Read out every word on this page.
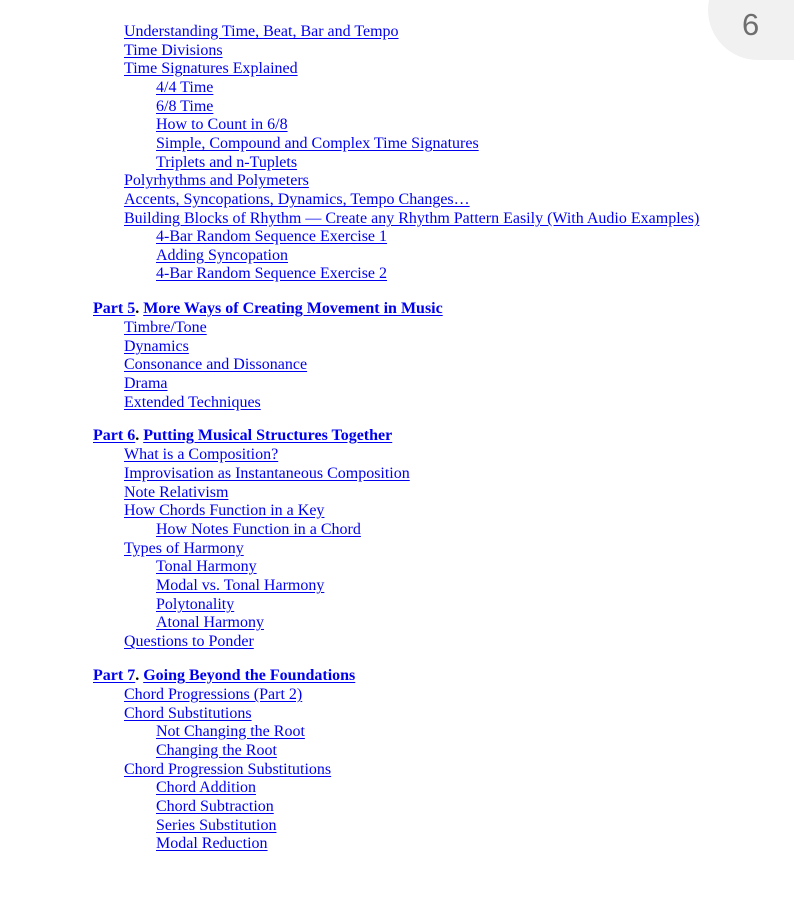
6
Understanding Time, Beat, Bar and Tempo
Time Divisions
Time Signatures Explained
4/4 Time
6/8 Time
How to Count in 6/8
Simple, Compound and Complex Time Signatures
Triplets and n-Tuplets
Polyrhythms and Polymeters
Accents, Syncopations, Dynamics, Tempo Changes…
Building Blocks of Rhythm — Create any Rhythm Pattern Easily (With Audio Examples)
4-Bar Random Sequence Exercise 1
Adding Syncopation
4-Bar Random Sequence Exercise 2
Part 5. More Ways of Creating Movement in Music
Timbre/Tone
Dynamics
Consonance and Dissonance
Drama
Extended Techniques
Part 6. Putting Musical Structures Together
What is a Composition?
Improvisation as Instantaneous Composition
Note Relativism
How Chords Function in a Key
How Notes Function in a Chord
Types of Harmony
Tonal Harmony
Modal vs. Tonal Harmony
Polytonality
Atonal Harmony
Questions to Ponder
Part 7. Going Beyond the Foundations
Chord Progressions (Part 2)
Chord Substitutions
Not Changing the Root
Changing the Root
Chord Progression Substitutions
Chord Addition
Chord Subtraction
Series Substitution
Modal Reduction
